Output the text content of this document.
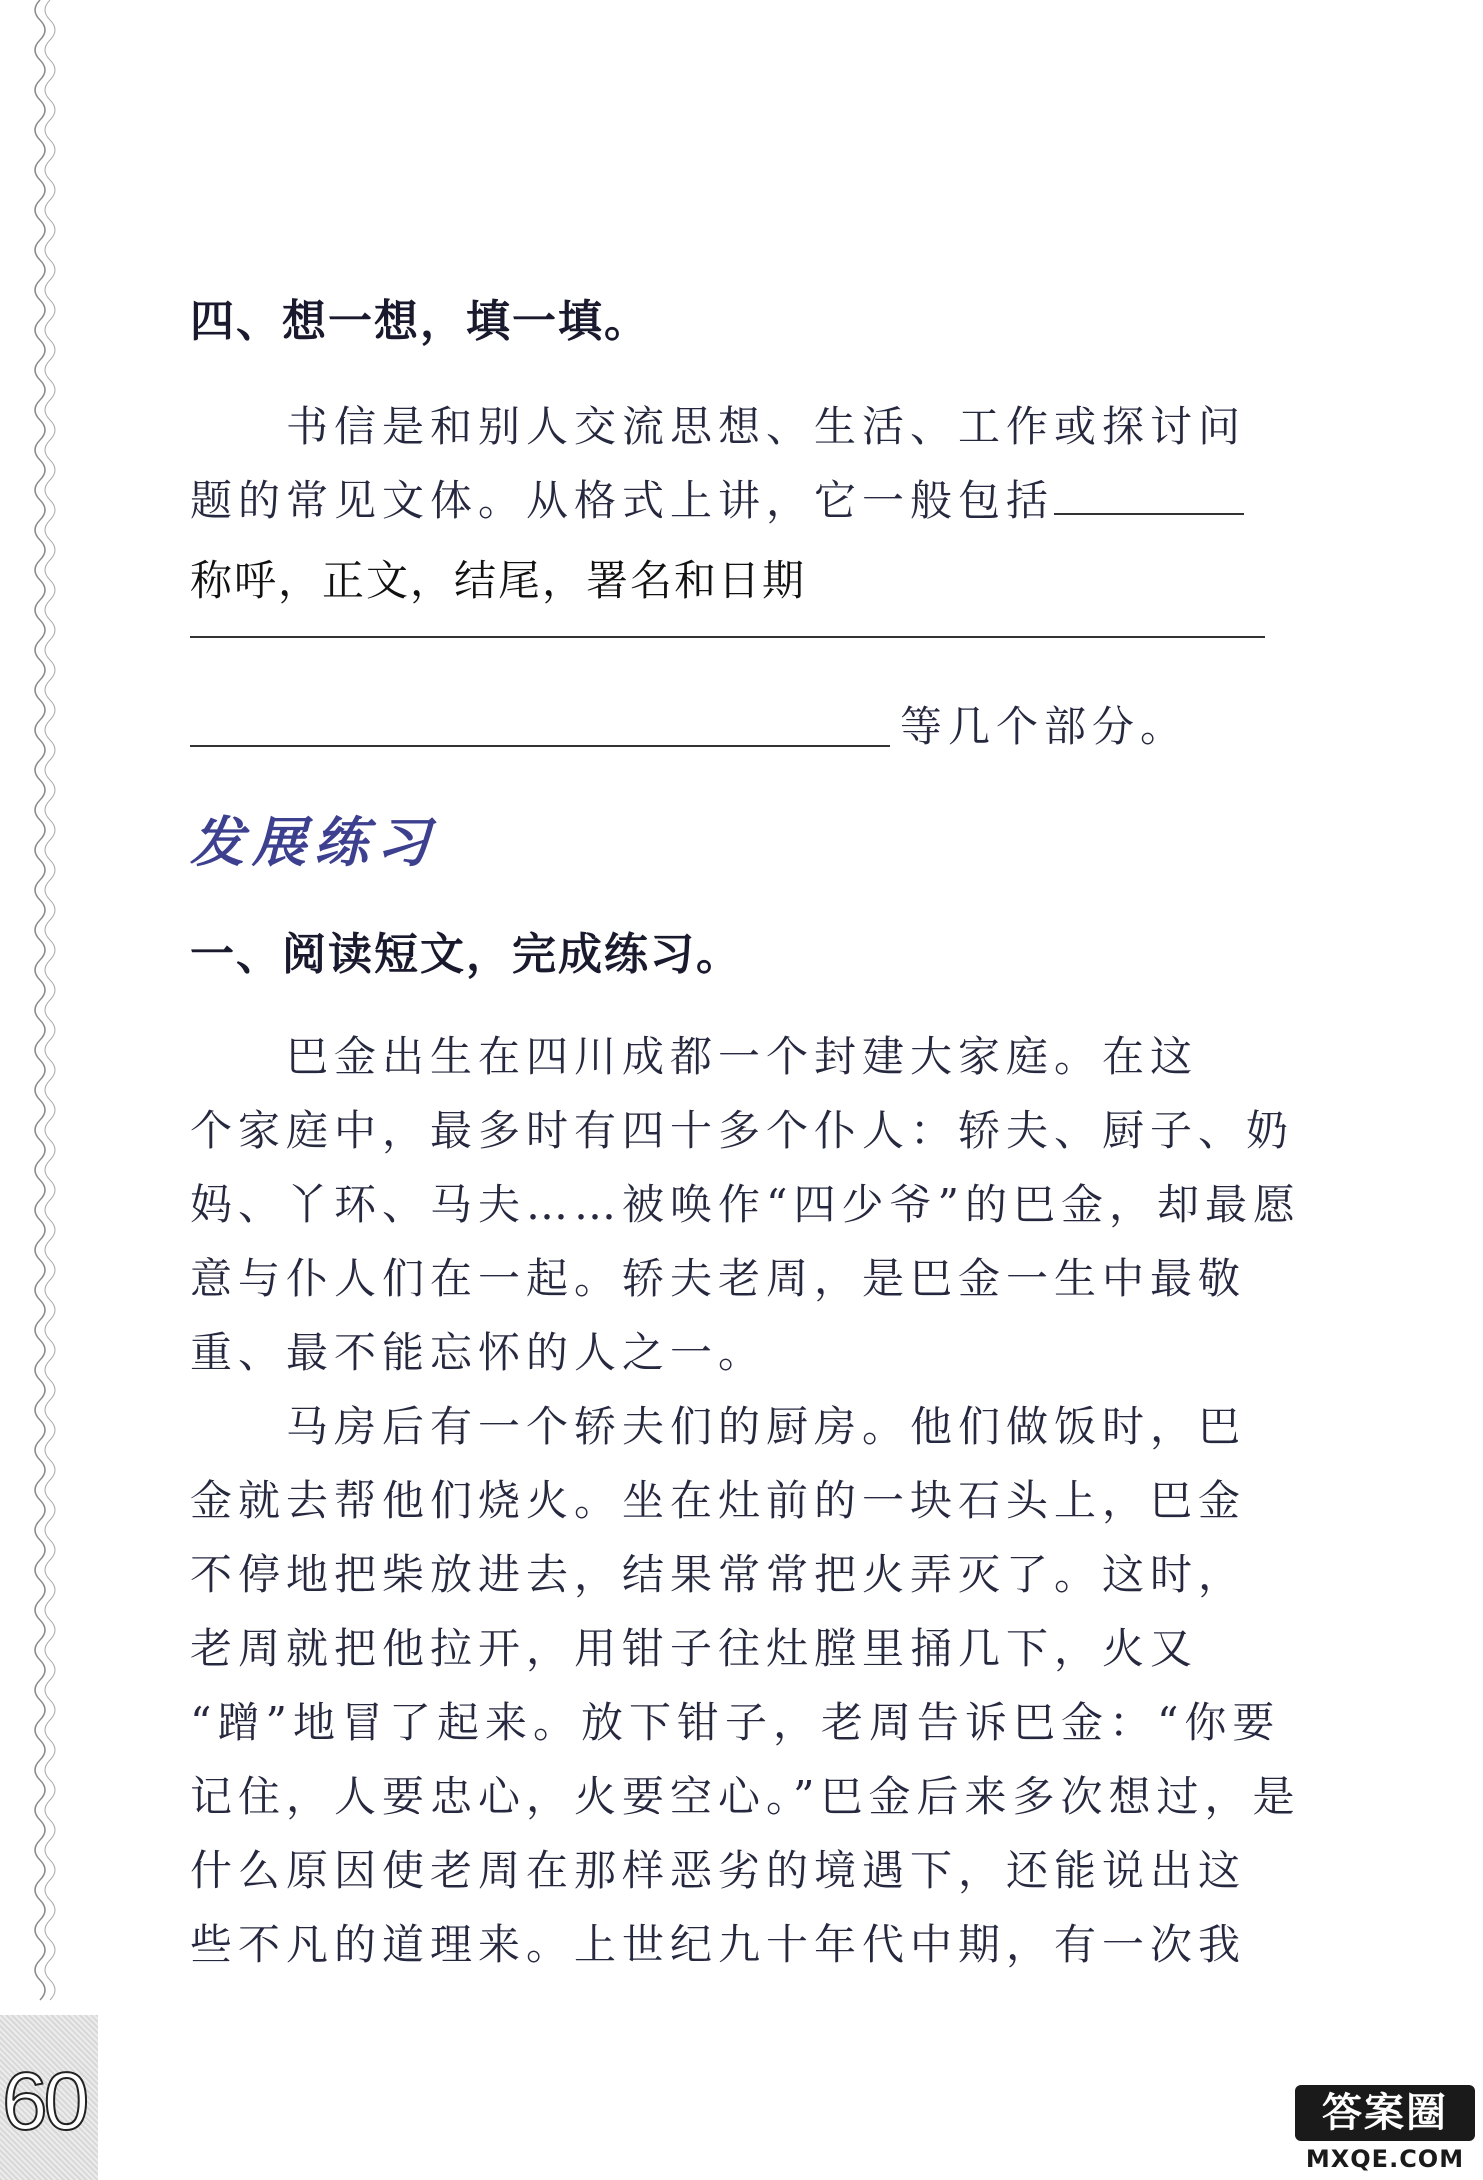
四、想一想，填一填。
书信是和别人交流思想、生活、工作或探讨问
题的常见文体。从格式上讲，它一般包括
称呼，正文，结尾，署名和日期
等几个部分。
发展练习
一、阅读短文，完成练习。
巴金出生在四川成都一个封建大家庭。在这
个家庭中，最多时有四十多个仆人：轿夫、厨子、奶
妈、丫环、马夫……被唤作“四少爷”的巴金，却最愿
意与仆人们在一起。轿夫老周，是巴金一生中最敬
重、最不能忘怀的人之一。
马房后有一个轿夫们的厨房。他们做饭时，巴
金就去帮他们烧火。坐在灶前的一块石头上，巴金
不停地把柴放进去，结果常常把火弄灭了。这时，
老周就把他拉开，用钳子往灶膛里捅几下，火又
“蹭”地冒了起来。放下钳子，老周告诉巴金：“你要
记住，人要忠心，火要空心。”巴金后来多次想过，是
什么原因使老周在那样恶劣的境遇下，还能说出这
些不凡的道理来。上世纪九十年代中期，有一次我
60	答案圈
MXQE.COM
